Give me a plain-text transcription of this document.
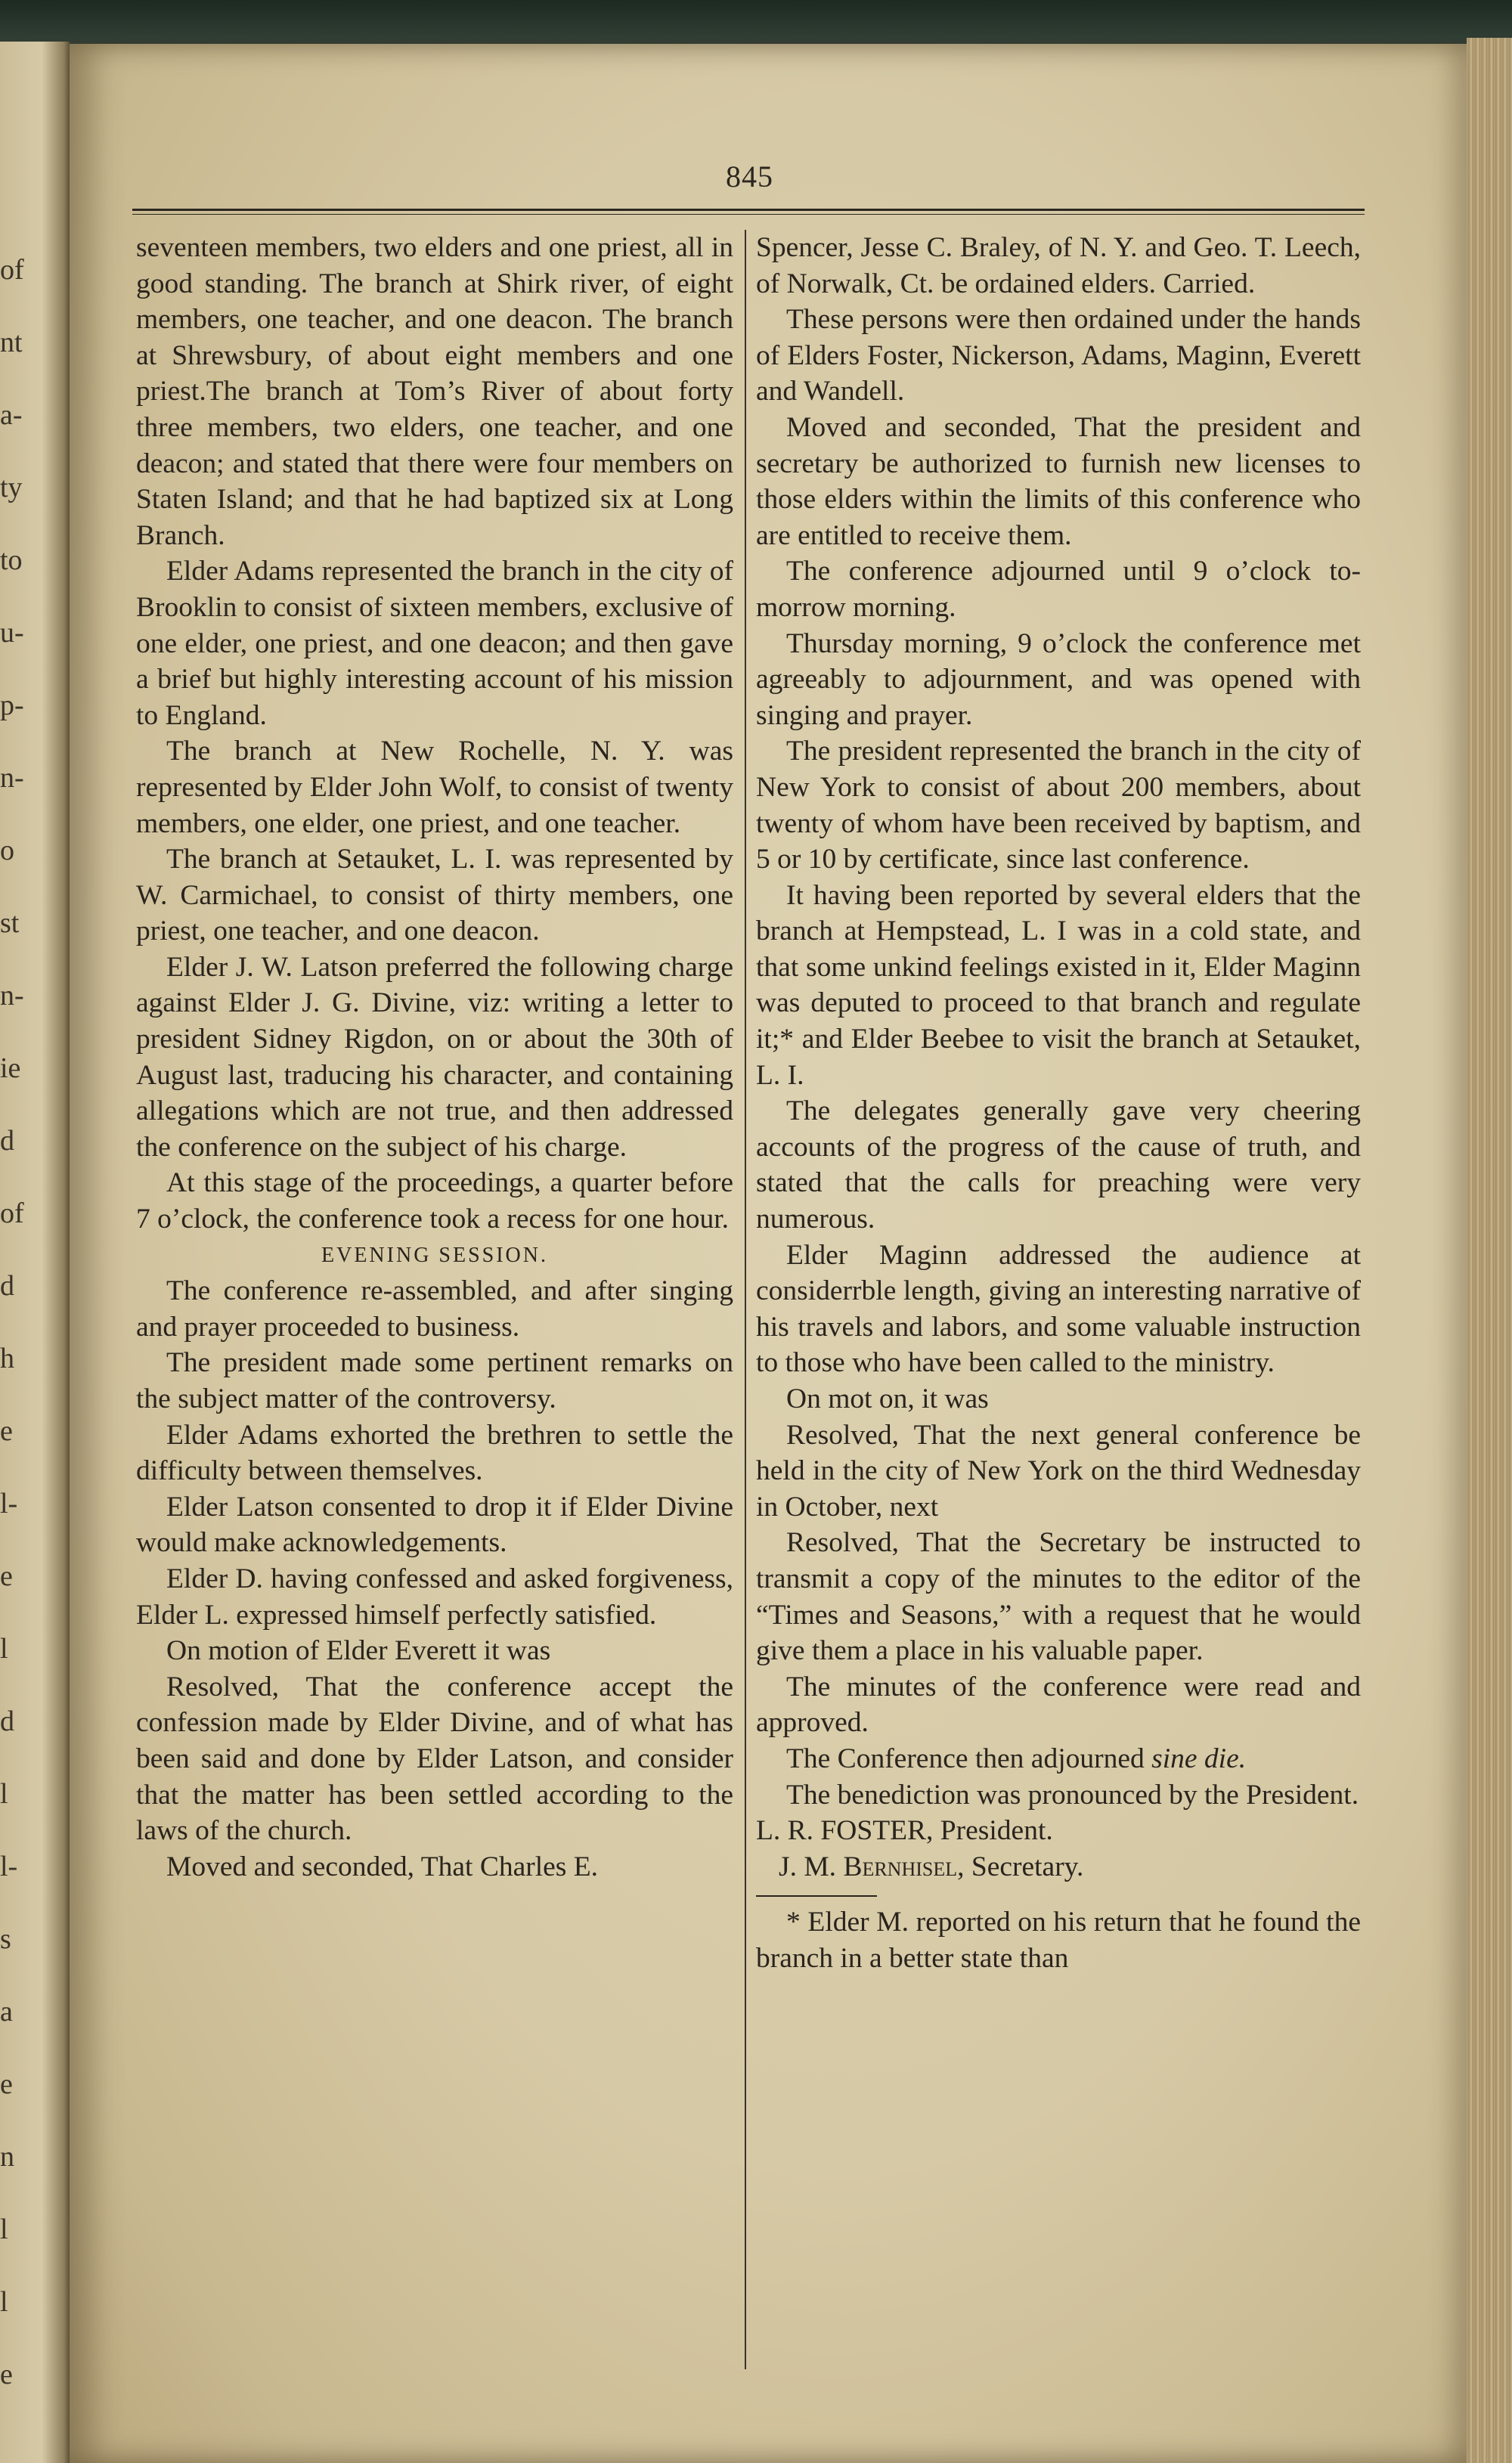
of
nt
a-
ty
to
u-
p-
n-
o
st
n-
ie
d
of
d
h
e
l-
e
l
d
l
l-
s
a
e
n
l
l
e
845

seventeen members, two elders and one priest, all in good standing. The branch at Shirk river, of eight members, one teacher, and one deacon. The branch at Shrewsbury, of about eight members and one priest.The branch at Tom’s River of about forty three members, two elders, one teacher, and one deacon; and stated that there were four members on Staten Island; and that he had baptized six at Long Branch.

Elder Adams represented the branch in the city of Brooklin to consist of sixteen members, exclusive of one elder, one priest, and one deacon; and then gave a brief but highly interesting account of his mission to England.

The branch at New Rochelle, N. Y. was represented by Elder John Wolf, to consist of twenty members, one elder, one priest, and one teacher.

The branch at Setauket, L. I. was represented by W. Carmichael, to consist of thirty members, one priest, one teacher, and one deacon.

Elder J. W. Latson preferred the following charge against Elder J. G. Divine, viz: writing a letter to president Sidney Rigdon, on or about the 30th of August last, traducing his character, and containing allegations which are not true, and then addressed the conference on the subject of his charge.

At this stage of the proceedings, a quarter before 7 o’clock, the conference took a recess for one hour.

EVENING SESSION.

The conference re-assembled, and after singing and prayer proceeded to business.

The president made some pertinent remarks on the subject matter of the controversy.

Elder Adams exhorted the brethren to settle the difficulty between themselves.

Elder Latson consented to drop it if Elder Divine would make acknowledgements.

Elder D. having confessed and asked forgiveness, Elder L. expressed himself perfectly satisfied.

On motion of Elder Everett it was

Resolved, That the conference accept the confession made by Elder Divine, and of what has been said and done by Elder Latson, and consider that the matter has been settled according to the laws of the church.

Moved and seconded, That Charles E.

Spencer, Jesse C. Braley, of N. Y. and Geo. T. Leech, of Norwalk, Ct. be ordained elders. Carried.

These persons were then ordained under the hands of Elders Foster, Nickerson, Adams, Maginn, Everett and Wandell.

Moved and seconded, That the president and secretary be authorized to furnish new licenses to those elders within the limits of this conference who are entitled to receive them.

The conference adjourned until 9 o’clock to-morrow morning.

Thursday morning, 9 o’clock the conference met agreeably to adjournment, and was opened with singing and prayer.

The president represented the branch in the city of New York to consist of about 200 members, about twenty of whom have been received by baptism, and 5 or 10 by certificate, since last conference.

It having been reported by several elders that the branch at Hempstead, L. I was in a cold state, and that some unkind feelings existed in it, Elder Maginn was deputed to proceed to that branch and regulate it;* and Elder Beebee to visit the branch at Setauket, L. I.

The delegates generally gave very cheering accounts of the progress of the cause of truth, and stated that the calls for preaching were very numerous.

Elder Maginn addressed the audience at considerrble length, giving an interesting narrative of his travels and labors, and some valuable instruction to those who have been called to the ministry.

On mot on, it was

Resolved, That the next general conference be held in the city of New York on the third Wednesday in October, next

Resolved, That the Secretary be instructed to transmit a copy of the minutes to the editor of the “Times and Seasons,” with a request that he would give them a place in his valuable paper.

The minutes of the conference were read and approved.

The Conference then adjourned sine die.

The benediction was pronounced by the President.

L. R. FOSTER, President.

J. M. Bernhisel, Secretary.

* Elder M. reported on his return that he found the branch in a better state than
